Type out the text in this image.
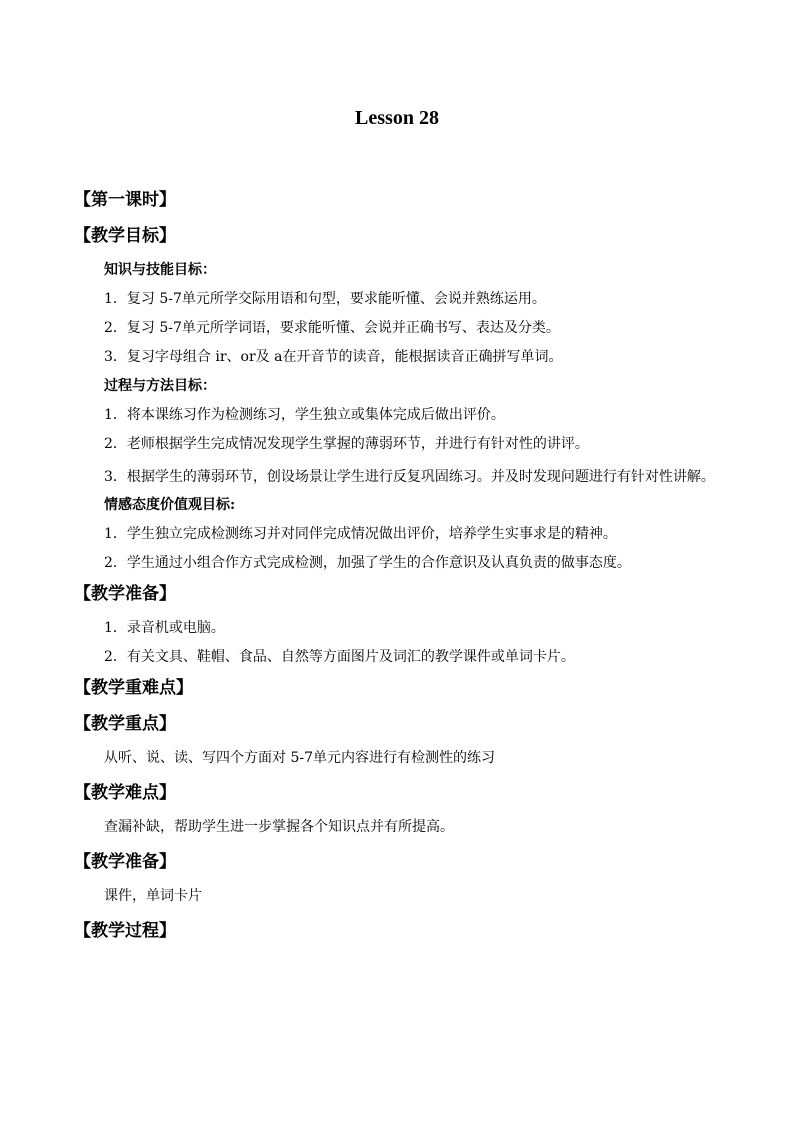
Lesson 28
【第一课时】
【教学目标】
知识与技能目标：
1．复习 5-7单元所学交际用语和句型，要求能听懂、会说并熟练运用。
2．复习 5-7单元所学词语，要求能听懂、会说并正确书写、表达及分类。
3．复习字母组合 ir、or及 a在开音节的读音，能根据读音正确拼写单词。
过程与方法目标：
1．将本课练习作为检测练习，学生独立或集体完成后做出评价。
2．老师根据学生完成情况发现学生掌握的薄弱环节，并进行有针对性的讲评。
3．根据学生的薄弱环节，创设场景让学生进行反复巩固练习。并及时发现问题进行有针对性讲解。
情感态度价值观目标:
1．学生独立完成检测练习并对同伴完成情况做出评价，培养学生实事求是的精神。
2．学生通过小组合作方式完成检测，加强了学生的合作意识及认真负责的做事态度。
【教学准备】
1．录音机或电脑。
2．有关文具、鞋帽、食品、自然等方面图片及词汇的教学课件或单词卡片。
【教学重难点】
【教学重点】
从听、说、读、写四个方面对 5-7单元内容进行有检测性的练习
【教学难点】
查漏补缺，帮助学生进一步掌握各个知识点并有所提高。
【教学准备】
课件，单词卡片
【教学过程】
